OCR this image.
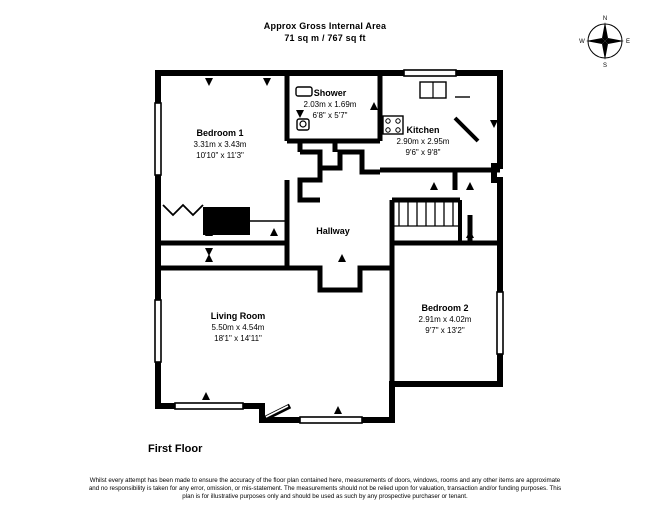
Approx Gross Internal Area
71 sq m / 767 sq ft
N
E
S
W
Bedroom 1
3.31m x 3.43m
10'10" x 11'3"
Shower
2.03m x 1.69m
6'8" x 5'7"
Kitchen
2.90m x 2.95m
9'6" x 9'8"
Hallway
Living Room
5.50m x 4.54m
18'1" x 14'11"
Bedroom 2
2.91m x 4.02m
9'7" x 13'2"
First Floor
Whilst every attempt has been made to ensure the accuracy of the floor plan contained here, measurements of doors, windows, rooms and any other items are approximate and no responsibility is taken for any error, omission, or mis-statement. The measurements should not be relied upon for valuation, transaction and/or funding purposes. This plan is for illustrative purposes only and should be used as such by any prospective purchaser or tenant.
